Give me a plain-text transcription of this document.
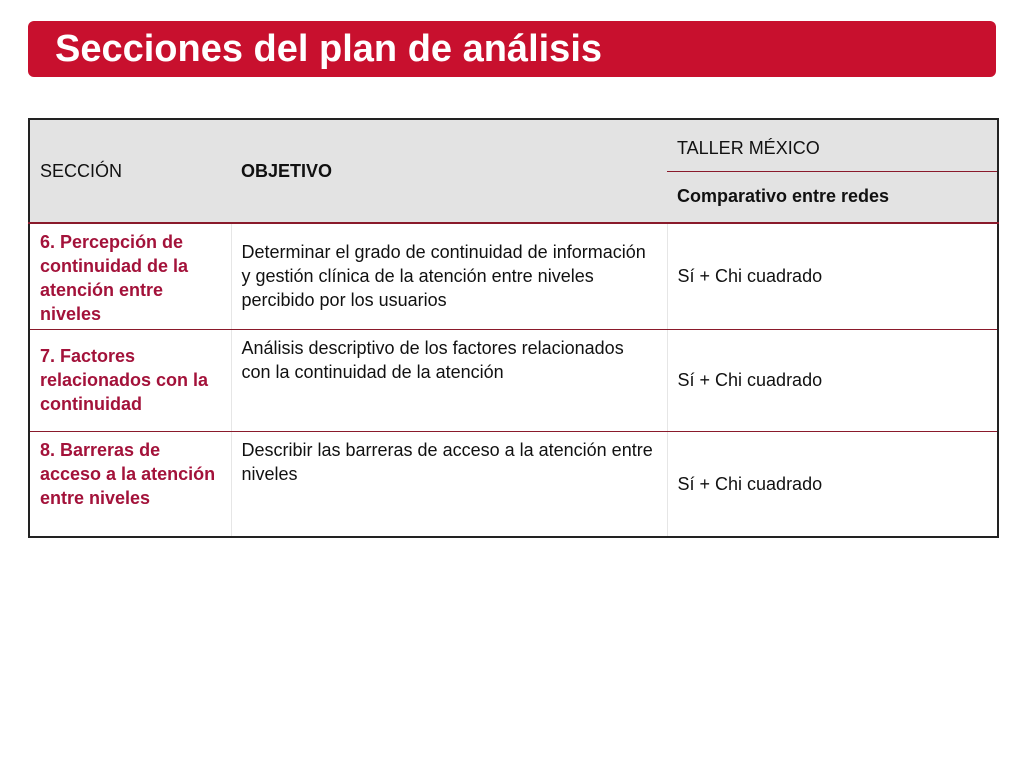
Secciones del plan de análisis
SECCIÓN	OBJETIVO	TALLER MÉXICO
		Comparativo entre redes
6. Percepción de continuidad de la atención entre niveles	Determinar el grado de continuidad de información y gestión clínica de la atención entre niveles percibido por los usuarios	Sí + Chi cuadrado
7. Factores relacionados con la continuidad	Análisis descriptivo de los factores relacionados con la continuidad de la atención	Sí + Chi cuadrado
8. Barreras de acceso a la atención entre niveles	Describir las barreras de acceso a la atención entre niveles	Sí + Chi cuadrado
